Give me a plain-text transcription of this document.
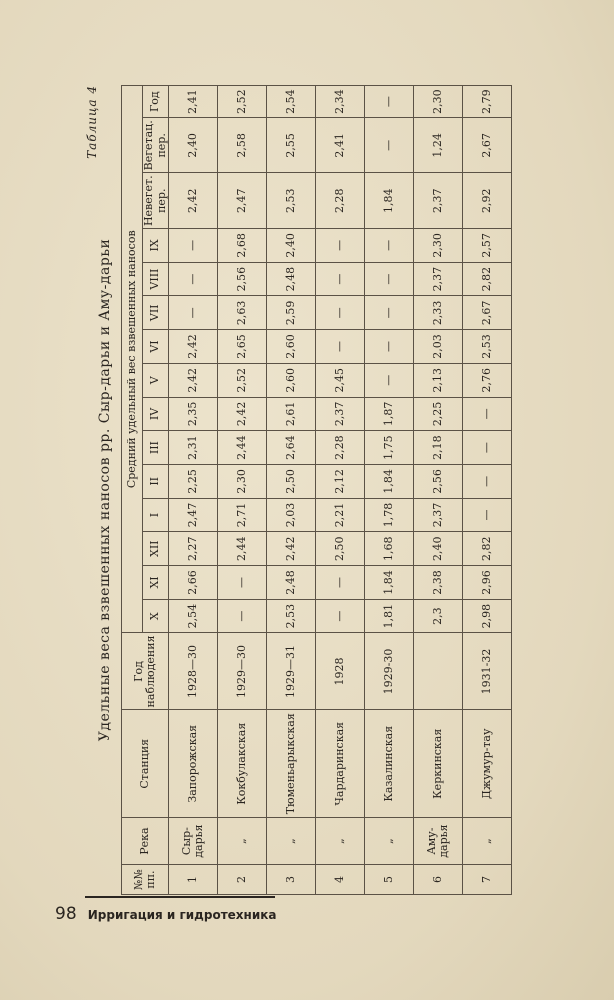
Таблица 4
Удельные веса взвешенных наносов рр. Сыр-дарьи и Аму-дарьи
№№ пп.	Река	Станция	Год наблюдения	Средний удельный вес взвешенных наносов														
				X	XI	XII	I	II	III	IV	V	VI	VII	VIII	IX	Невегет. пер.	Вегетац. пер.	Год

1	Сыр-дарья	Запорожская	1928—30	2,54	2,66	2,27	2,47	2,25	2,31	2,35	2,42	2,42	—	—	—	2,42	2,40	2,41
2	„	Кокбулакская	1929—30	—	—	2,44	2,71	2,30	2,44	2,42	2,52	2,65	2,63	2,56	2,68	2,47	2,58	2,52
3	„	Тюменьарыкская	1929—31	2,53	2,48	2,42	2,03	2,50	2,64	2,61	2,60	2,60	2,59	2,48	2,40	2,53	2,55	2,54
4	„	Чардаринская	1928	—	—	2,50	2,21	2,12	2,28	2,37	2,45	—	—	—	—	2,28	2,41	2,34
5	„	Казалинская	1929-30	1,81	1,84	1,68	1,78	1,84	1,75	1,87	—	—	—	—	—	1,84	—	—
6	Аму-дарья	Керкинская		2,3	2,38	2,40	2,37	2,56	2,18	2,25	2,13	2,03	2,33	2,37	2,30	2,37	1,24	2,30
7	„	Джумур-тау	1931-32	2,98	2,96	2,82	—	—	—	—	2,76	2,53	2,67	2,82	2,57	2,92	2,67	2,79
98 Ирригация и гидротехника
